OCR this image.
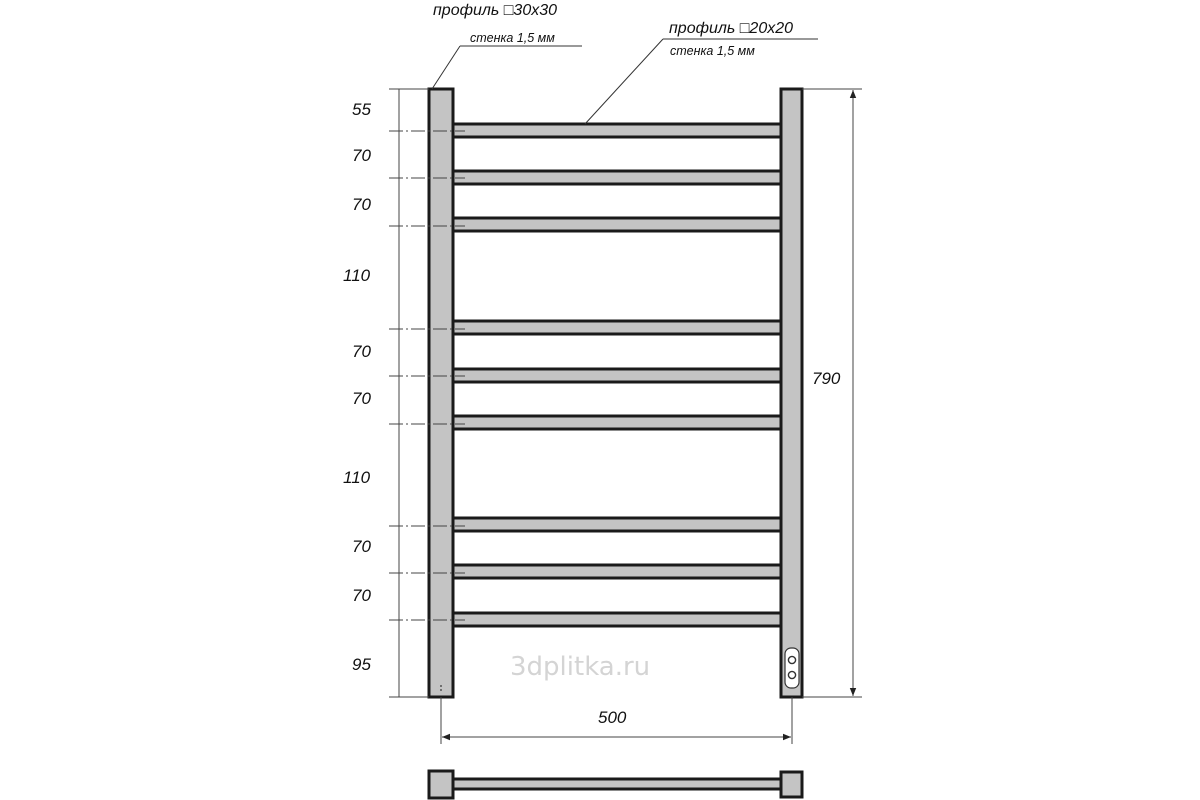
3dplitka.ru
55
70
70
110
70
70
110
70
70
95
790
500
профиль □30x30
стенка 1,5 мм
профиль □20x20
стенка 1,5 мм
